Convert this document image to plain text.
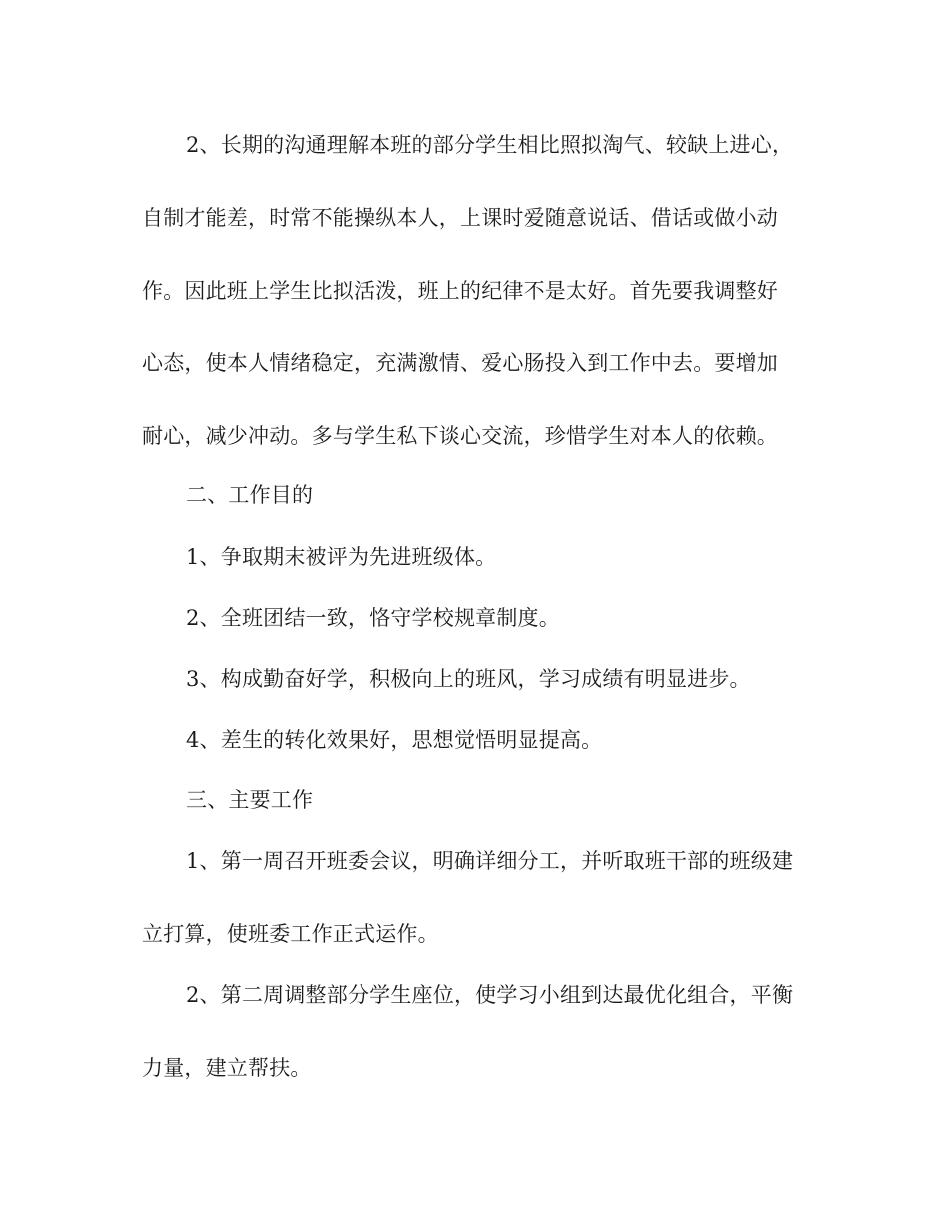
2、长期的沟通理解本班的部分学生相比照拟淘气、较缺上进心，

自制才能差，时常不能操纵本人，上课时爱随意说话、借话或做小动

作。因此班上学生比拟活泼，班上的纪律不是太好。首先要我调整好

心态，使本人情绪稳定，充满激情、爱心肠投入到工作中去。要增加

耐心，减少冲动。多与学生私下谈心交流，珍惜学生对本人的依赖。

二、工作目的

1、争取期末被评为先进班级体。

2、全班团结一致，恪守学校规章制度。

3、构成勤奋好学，积极向上的班风，学习成绩有明显进步。

4、差生的转化效果好，思想觉悟明显提高。

三、主要工作

1、第一周召开班委会议，明确详细分工，并听取班干部的班级建

立打算，使班委工作正式运作。

2、第二周调整部分学生座位，使学习小组到达最优化组合，平衡

力量，建立帮扶。
